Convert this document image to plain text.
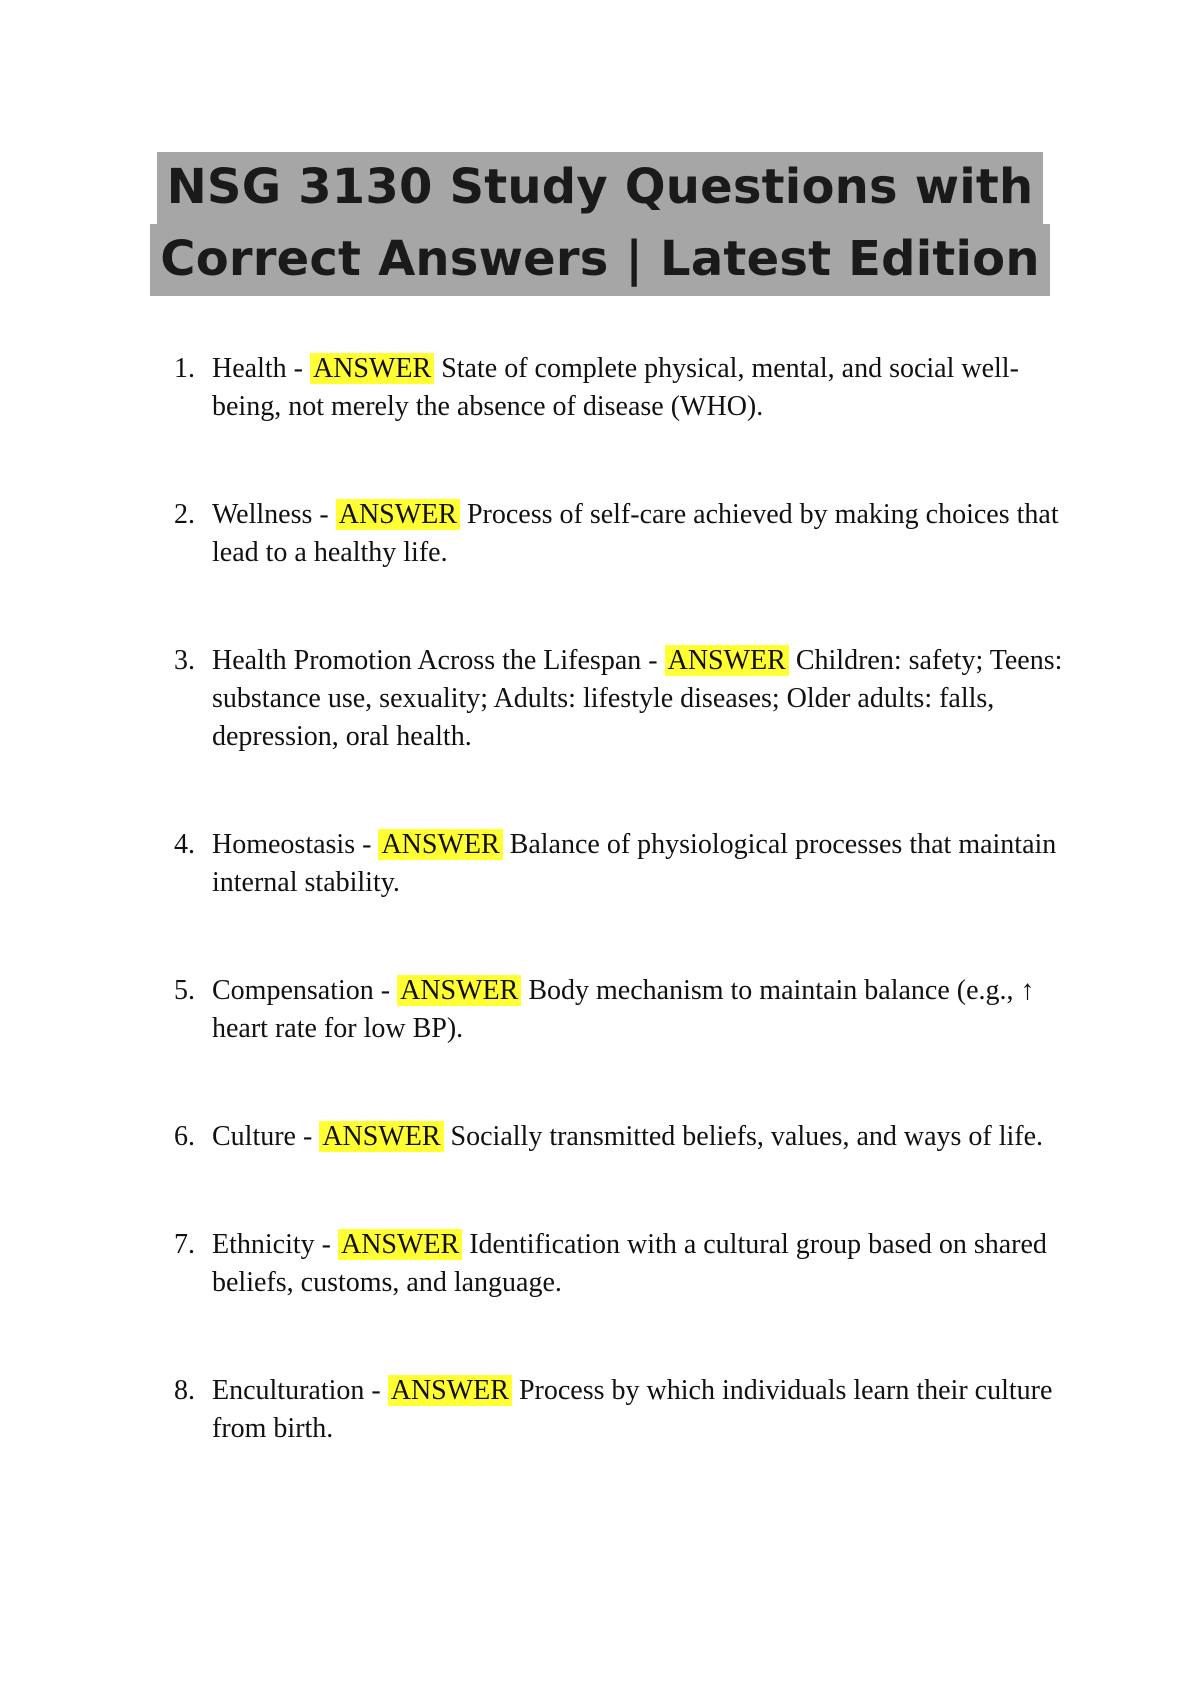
NSG 3130 Study Questions with
Correct Answers | Latest Edition
1. Health - ANSWER State of complete physical, mental, and social well-being, not merely the absence of disease (WHO).
2. Wellness - ANSWER Process of self-care achieved by making choices that lead to a healthy life.
3. Health Promotion Across the Lifespan - ANSWER Children: safety; Teens: substance use, sexuality; Adults: lifestyle diseases; Older adults: falls, depression, oral health.
4. Homeostasis - ANSWER Balance of physiological processes that maintain internal stability.
5. Compensation - ANSWER Body mechanism to maintain balance (e.g., ↑ heart rate for low BP).
6. Culture - ANSWER Socially transmitted beliefs, values, and ways of life.
7. Ethnicity - ANSWER Identification with a cultural group based on shared beliefs, customs, and language.
8. Enculturation - ANSWER Process by which individuals learn their culture from birth.
